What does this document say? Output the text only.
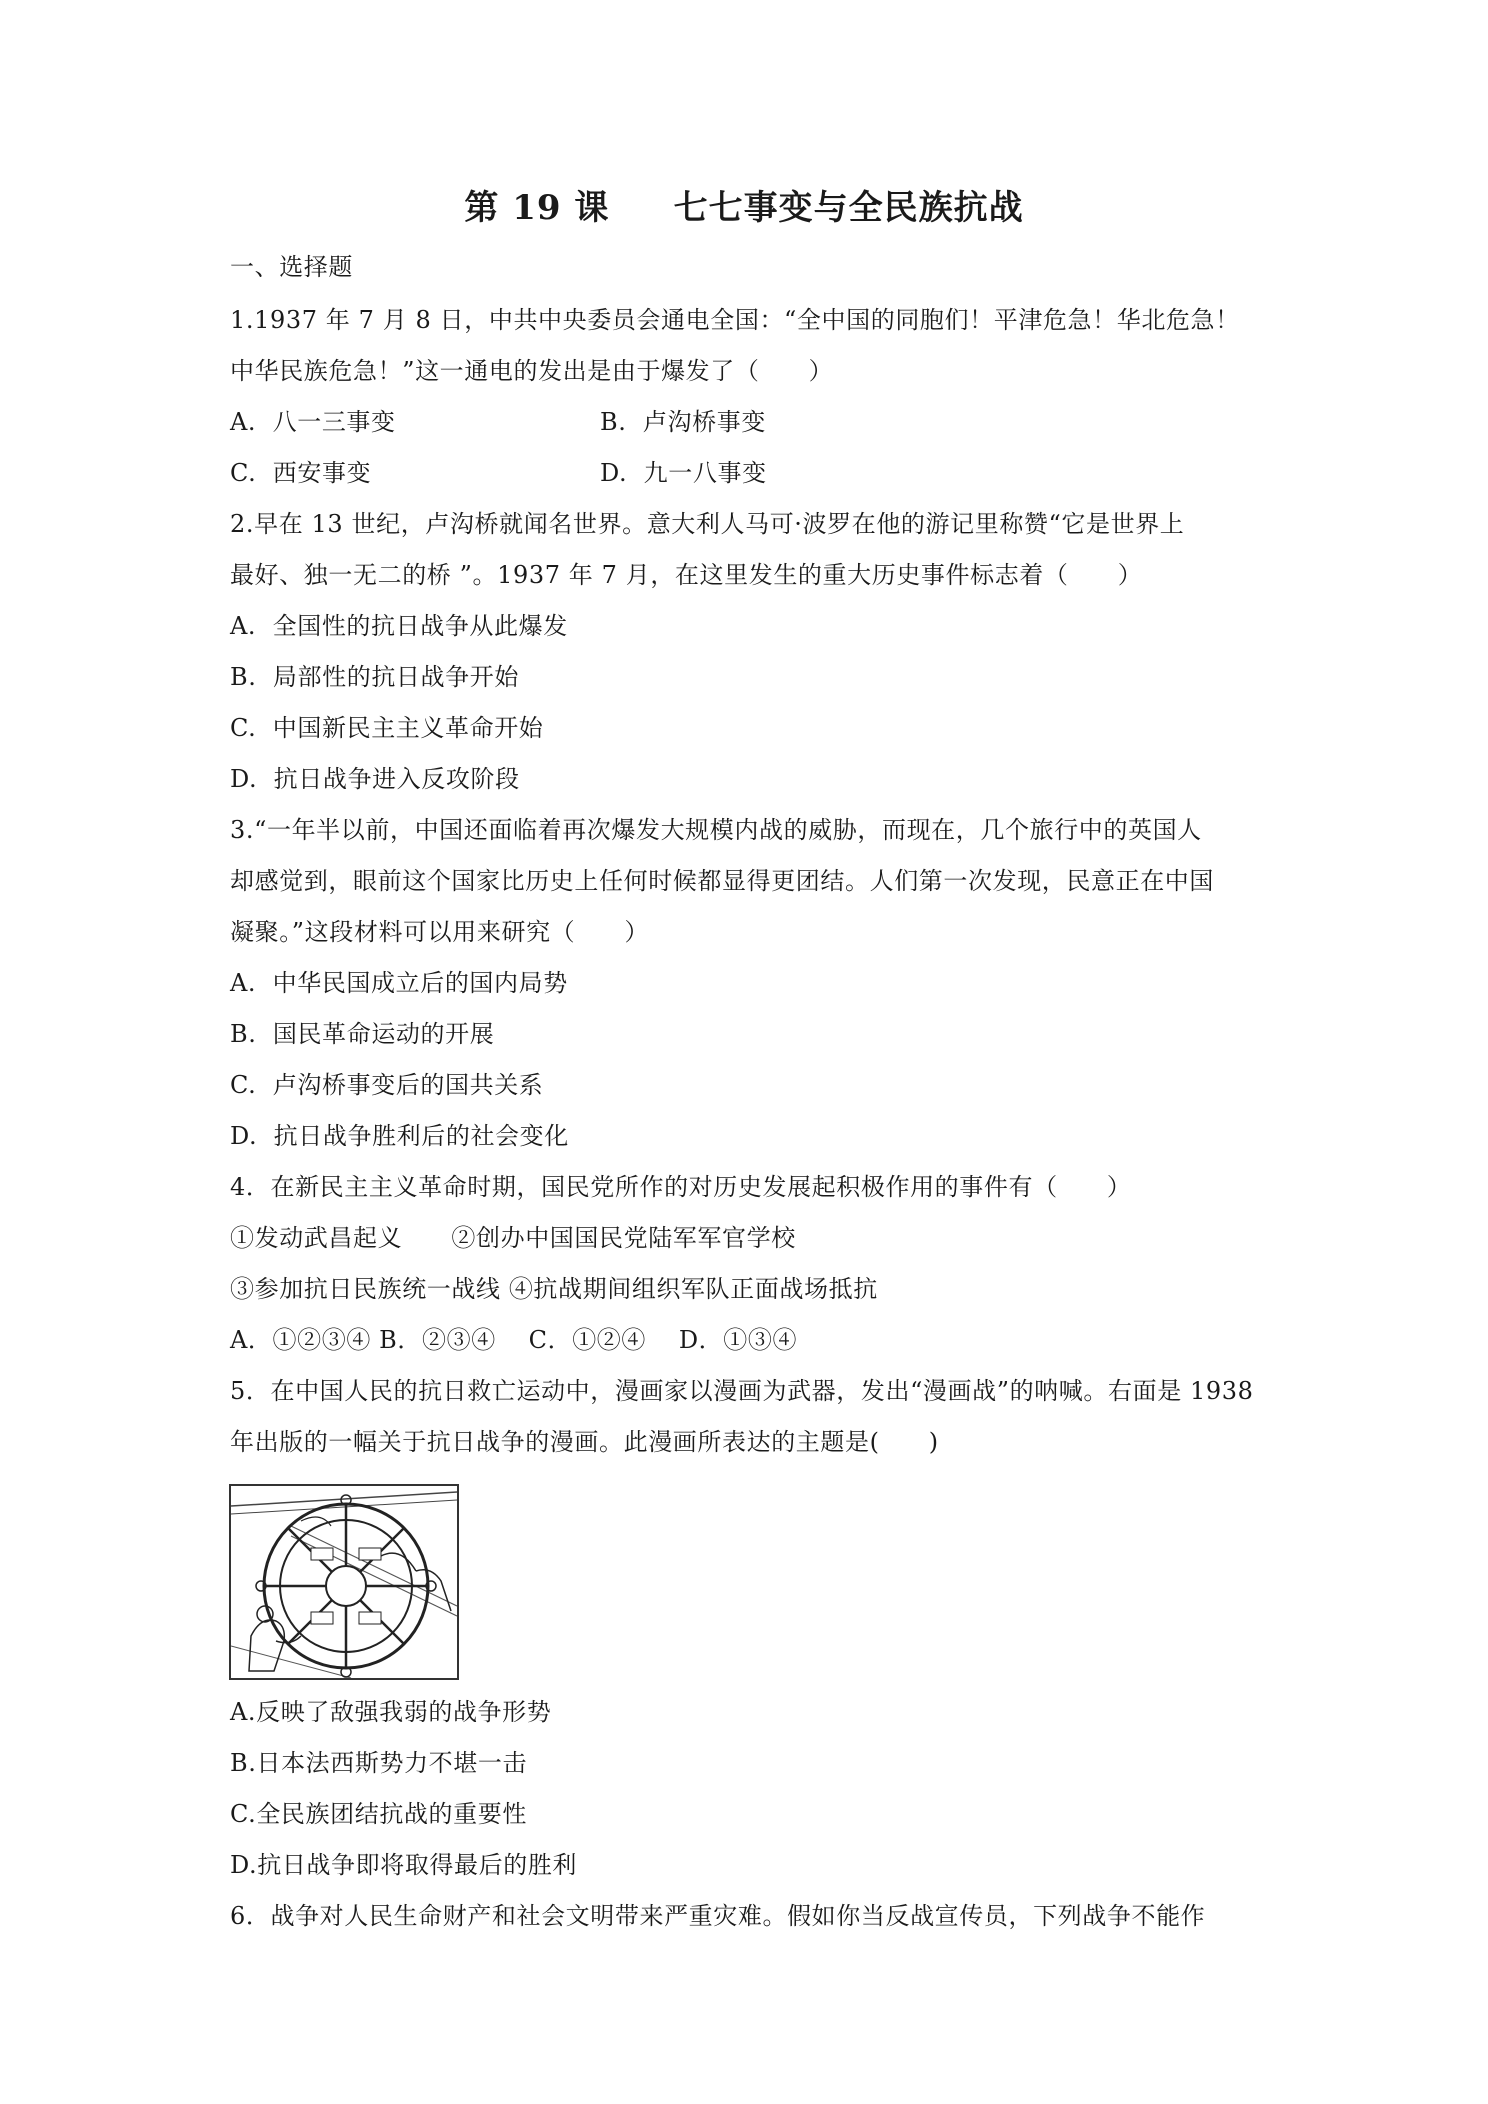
第 19 课     七七事变与全民族抗战
一、选择题
1.1937 年 7 月 8 日，中共中央委员会通电全国：“全中国的同胞们！平津危急！华北危急！
中华民族危急！”这一通电的发出是由于爆发了（　　）
A.  八一三事变	B.  卢沟桥事变
C.  西安事变	D.  九一八事变
2.早在 13 世纪，卢沟桥就闻名世界。意大利人马可·波罗在他的游记里称赞“它是世界上
最好、独一无二的桥 ”。1937 年 7 月，在这里发生的重大历史事件标志着（　　）
A.  全国性的抗日战争从此爆发
B.  局部性的抗日战争开始
C.  中国新民主主义革命开始
D.  抗日战争进入反攻阶段
3.“一年半以前，中国还面临着再次爆发大规模内战的威胁，而现在，几个旅行中的英国人
却感觉到，眼前这个国家比历史上任何时候都显得更团结。人们第一次发现，民意正在中国
凝聚。”这段材料可以用来研究（　　）
A.  中华民国成立后的国内局势
B.  国民革命运动的开展
C.  卢沟桥事变后的国共关系
D.  抗日战争胜利后的社会变化
4．在新民主主义革命时期，国民党所作的对历史发展起积极作用的事件有（　　）
①发动武昌起义　　②创办中国国民党陆军军官学校
③参加抗日民族统一战线 ④抗战期间组织军队正面战场抵抗
A．①②③④ B．②③④　 C．①②④　 D．①③④
5．在中国人民的抗日救亡运动中，漫画家以漫画为武器，发出“漫画战”的呐喊。右面是 1938
年出版的一幅关于抗日战争的漫画。此漫画所表达的主题是(　　)
A.反映了敌强我弱的战争形势
B.日本法西斯势力不堪一击
C.全民族团结抗战的重要性
D.抗日战争即将取得最后的胜利
6．战争对人民生命财产和社会文明带来严重灾难。假如你当反战宣传员，下列战争不能作
